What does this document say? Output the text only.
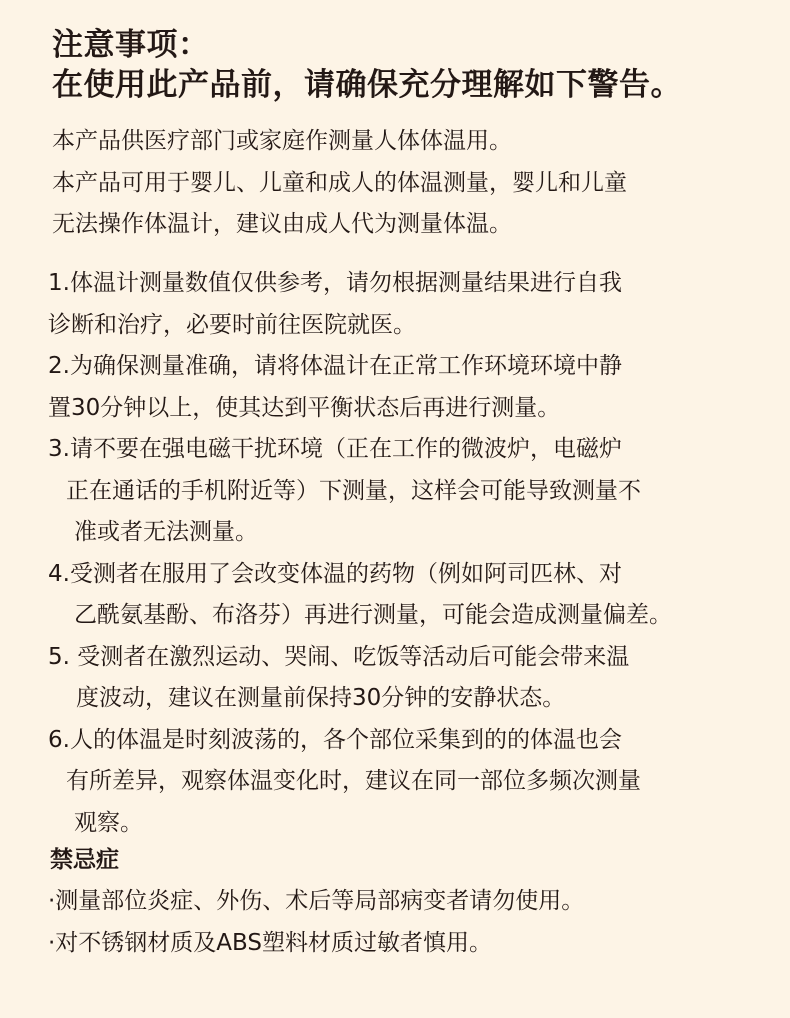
注意事项：
在使用此产品前，请确保充分理解如下警告。
本产品供医疗部门或家庭作测量人体体温用。
本产品可用于婴儿、儿童和成人的体温测量，婴儿和儿童
无法操作体温计，建议由成人代为测量体温。
1.体温计测量数值仅供参考，请勿根据测量结果进行自我
诊断和治疗，必要时前往医院就医。
2.为确保测量准确，请将体温计在正常工作环境环境中静
置30分钟以上，使其达到平衡状态后再进行测量。
3.请不要在强电磁干扰环境（正在工作的微波炉，电磁炉
正在通话的手机附近等）下测量，这样会可能导致测量不
准或者无法测量。
4.受测者在服用了会改变体温的药物（例如阿司匹林、对
乙酰氨基酚、布洛芬）再进行测量，可能会造成测量偏差。
5. 受测者在激烈运动、哭闹、吃饭等活动后可能会带来温
度波动，建议在测量前保持30分钟的安静状态。
6.人的体温是时刻波荡的，各个部位采集到的的体温也会
有所差异，观察体温变化时，建议在同一部位多频次测量
观察。
禁忌症
·测量部位炎症、外伤、术后等局部病变者请勿使用。
·对不锈钢材质及ABS塑料材质过敏者慎用。
